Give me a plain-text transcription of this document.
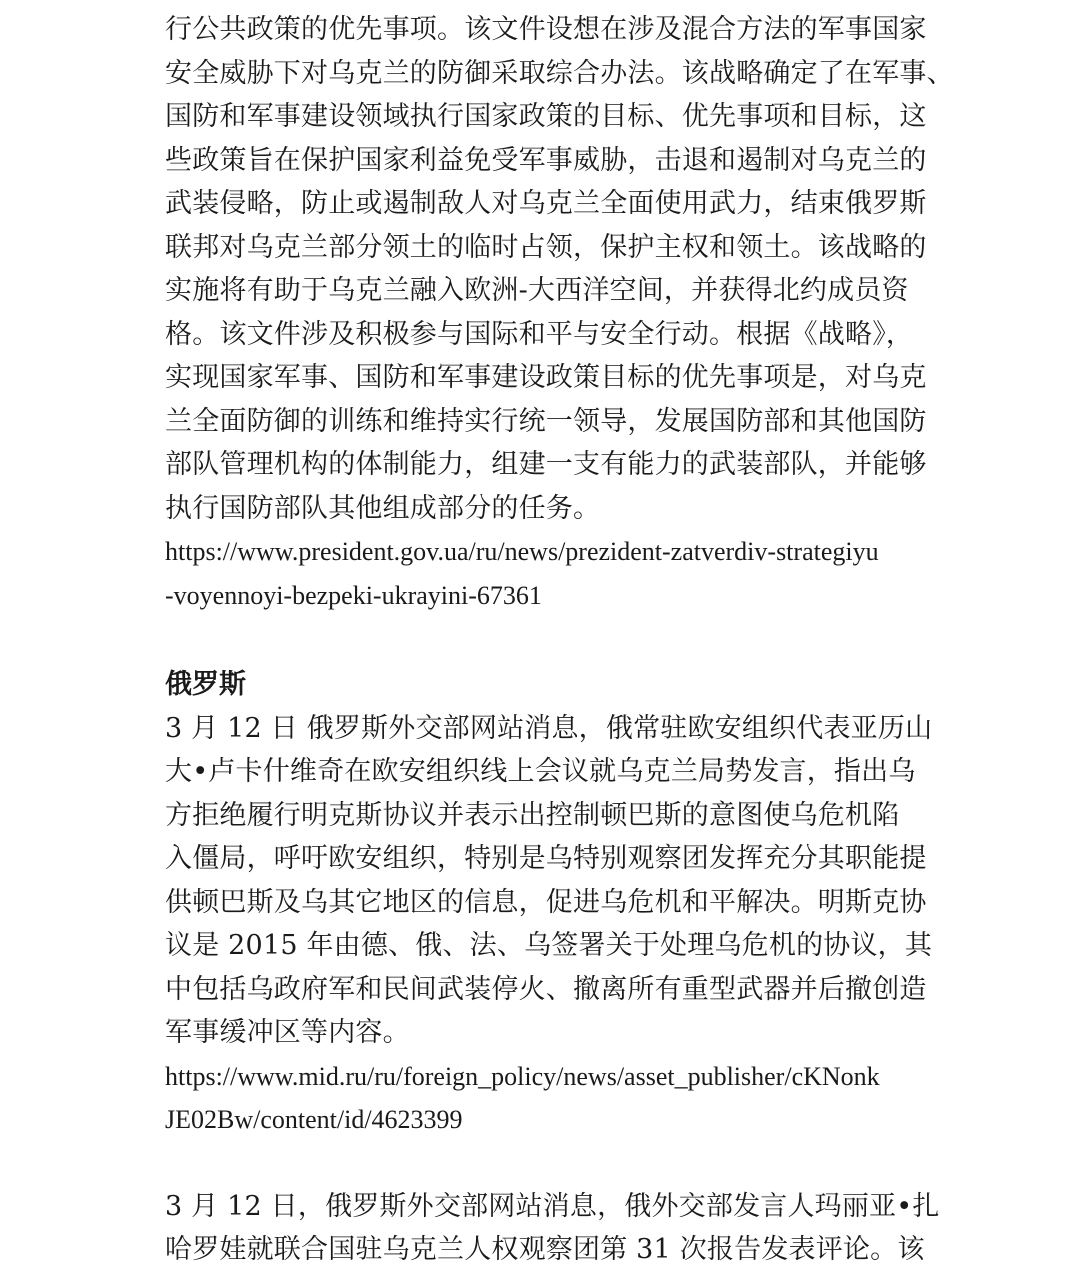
行公共政策的优先事项。该文件设想在涉及混合方法的军事国家
安全威胁下对乌克兰的防御采取综合办法。该战略确定了在军事、
国防和军事建设领域执行国家政策的目标、优先事项和目标，这
些政策旨在保护国家利益免受军事威胁，击退和遏制对乌克兰的
武装侵略，防止或遏制敌人对乌克兰全面使用武力，结束俄罗斯
联邦对乌克兰部分领土的临时占领，保护主权和领土。该战略的
实施将有助于乌克兰融入欧洲-大西洋空间，并获得北约成员资
格。该文件涉及积极参与国际和平与安全行动。根据《战略》，
实现国家军事、国防和军事建设政策目标的优先事项是，对乌克
兰全面防御的训练和维持实行统一领导，发展国防部和其他国防
部队管理机构的体制能力，组建一支有能力的武装部队，并能够
执行国防部队其他组成部分的任务。
https://www.president.gov.ua/ru/news/prezident-zatverdiv-strategiyu
-voyennoyi-bezpeki-ukrayini-67361
俄罗斯
3 月 12 日 俄罗斯外交部网站消息，俄常驻欧安组织代表亚历山
大•卢卡什维奇在欧安组织线上会议就乌克兰局势发言，指出乌
方拒绝履行明克斯协议并表示出控制顿巴斯的意图使乌危机陷
入僵局，呼吁欧安组织，特别是乌特别观察团发挥充分其职能提
供顿巴斯及乌其它地区的信息，促进乌危机和平解决。明斯克协
议是 2015 年由德、俄、法、乌签署关于处理乌危机的协议，其
中包括乌政府军和民间武装停火、撤离所有重型武器并后撤创造
军事缓冲区等内容。
https://www.mid.ru/ru/foreign_policy/news/asset_publisher/cKNonk
JE02Bw/content/id/4623399
3 月 12 日，俄罗斯外交部网站消息，俄外交部发言人玛丽亚•扎
哈罗娃就联合国驻乌克兰人权观察团第 31 次报告发表评论。该
